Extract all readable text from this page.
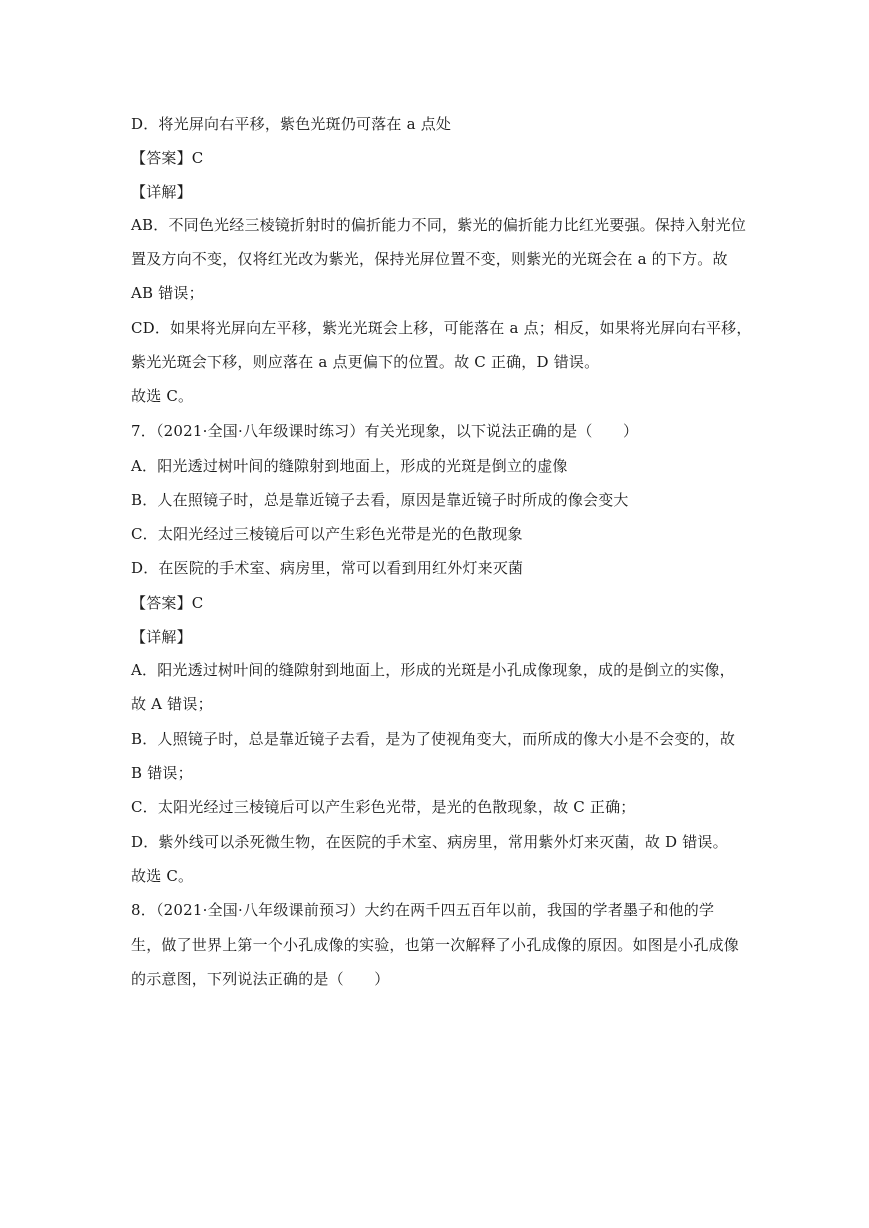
D．将光屏向右平移，紫色光斑仍可落在 a 点处
【答案】C
【详解】
AB．不同色光经三棱镜折射时的偏折能力不同，紫光的偏折能力比红光要强。保持入射光位
置及方向不变，仅将红光改为紫光，保持光屏位置不变，则紫光的光斑会在 a 的下方。故
AB 错误；
CD．如果将光屏向左平移，紫光光斑会上移，可能落在 a 点；相反，如果将光屏向右平移，
紫光光斑会下移，则应落在 a 点更偏下的位置。故 C 正确，D 错误。
故选 C。
7．（2021·全国·八年级课时练习）有关光现象，以下说法正确的是（　　）
A．阳光透过树叶间的缝隙射到地面上，形成的光斑是倒立的虚像
B．人在照镜子时，总是靠近镜子去看，原因是靠近镜子时所成的像会变大
C．太阳光经过三棱镜后可以产生彩色光带是光的色散现象
D．在医院的手术室、病房里，常可以看到用红外灯来灭菌
【答案】C
【详解】
A．阳光透过树叶间的缝隙射到地面上，形成的光斑是小孔成像现象，成的是倒立的实像，
故 A 错误；
B．人照镜子时，总是靠近镜子去看，是为了使视角变大，而所成的像大小是不会变的，故
B 错误；
C．太阳光经过三棱镜后可以产生彩色光带，是光的色散现象，故 C 正确；
D．紫外线可以杀死微生物，在医院的手术室、病房里，常用紫外灯来灭菌，故 D 错误。
故选 C。
8．（2021·全国·八年级课前预习）大约在两千四五百年以前，我国的学者墨子和他的学
生，做了世界上第一个小孔成像的实验，也第一次解释了小孔成像的原因。如图是小孔成像
的示意图，下列说法正确的是（　　）
